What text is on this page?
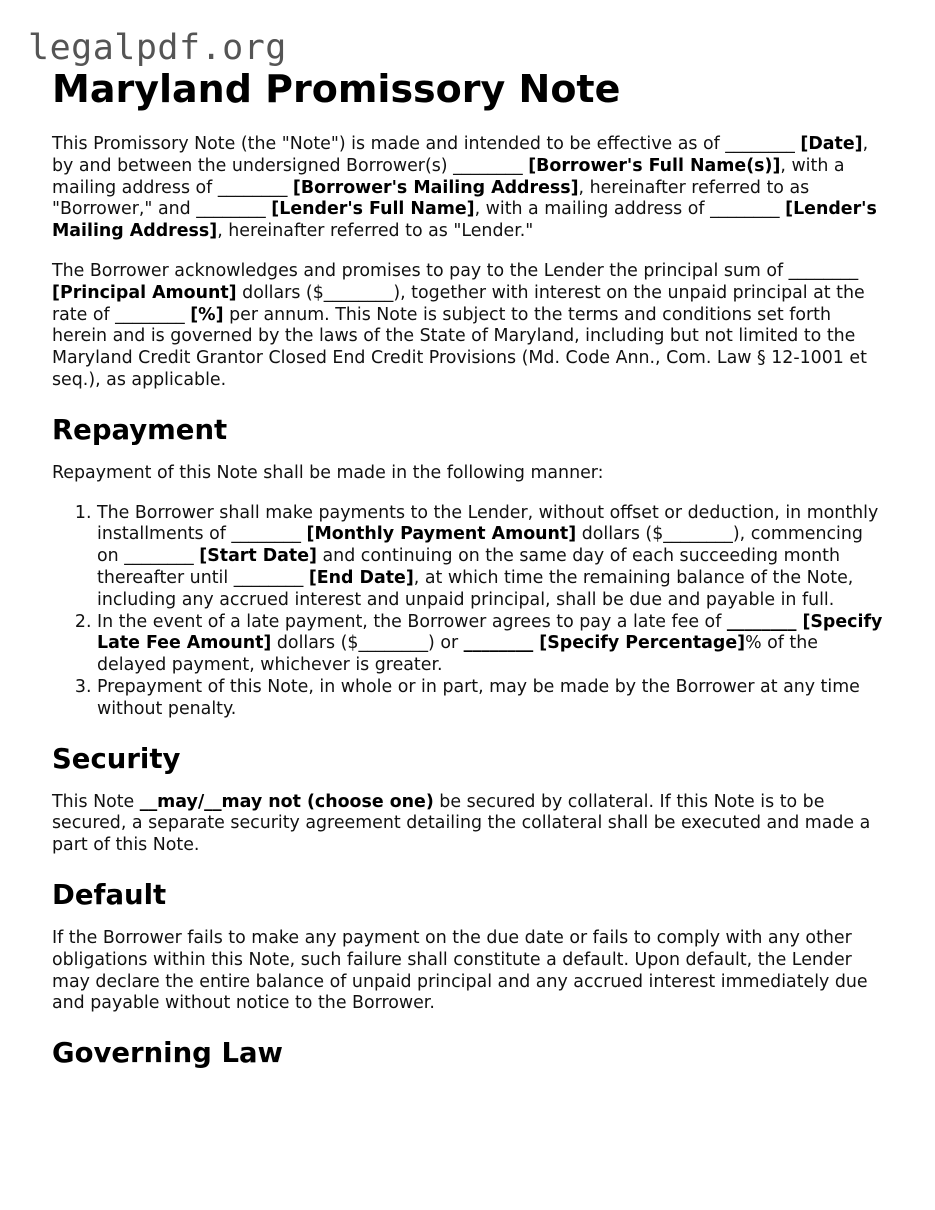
legalpdf.org
Maryland Promissory Note

This Promissory Note (the "Note") is made and intended to be effective as of ________ [Date], by and between the undersigned Borrower(s) ________ [Borrower's Full Name(s)], with a mailing address of ________ [Borrower's Mailing Address], hereinafter referred to as "Borrower," and ________ [Lender's Full Name], with a mailing address of ________ [Lender's Mailing Address], hereinafter referred to as "Lender."

The Borrower acknowledges and promises to pay to the Lender the principal sum of ________ [Principal Amount] dollars ($________), together with interest on the unpaid principal at the rate of ________ [%] per annum. This Note is subject to the terms and conditions set forth herein and is governed by the laws of the State of Maryland, including but not limited to the Maryland Credit Grantor Closed End Credit Provisions (Md. Code Ann., Com. Law § 12-1001 et seq.), as applicable.

Repayment

Repayment of this Note shall be made in the following manner:

1. The Borrower shall make payments to the Lender, without offset or deduction, in monthly installments of ________ [Monthly Payment Amount] dollars ($________), commencing on ________ [Start Date] and continuing on the same day of each succeeding month thereafter until ________ [End Date], at which time the remaining balance of the Note, including any accrued interest and unpaid principal, shall be due and payable in full.
2. In the event of a late payment, the Borrower agrees to pay a late fee of ________ [Specify Late Fee Amount] dollars ($________) or ________ [Specify Percentage]% of the delayed payment, whichever is greater.
3. Prepayment of this Note, in whole or in part, may be made by the Borrower at any time without penalty.
Security

This Note __may/__may not (choose one) be secured by collateral. If this Note is to be secured, a separate security agreement detailing the collateral shall be executed and made a part of this Note.

Default

If the Borrower fails to make any payment on the due date or fails to comply with any other obligations within this Note, such failure shall constitute a default. Upon default, the Lender may declare the entire balance of unpaid principal and any accrued interest immediately due and payable without notice to the Borrower.

Governing Law
